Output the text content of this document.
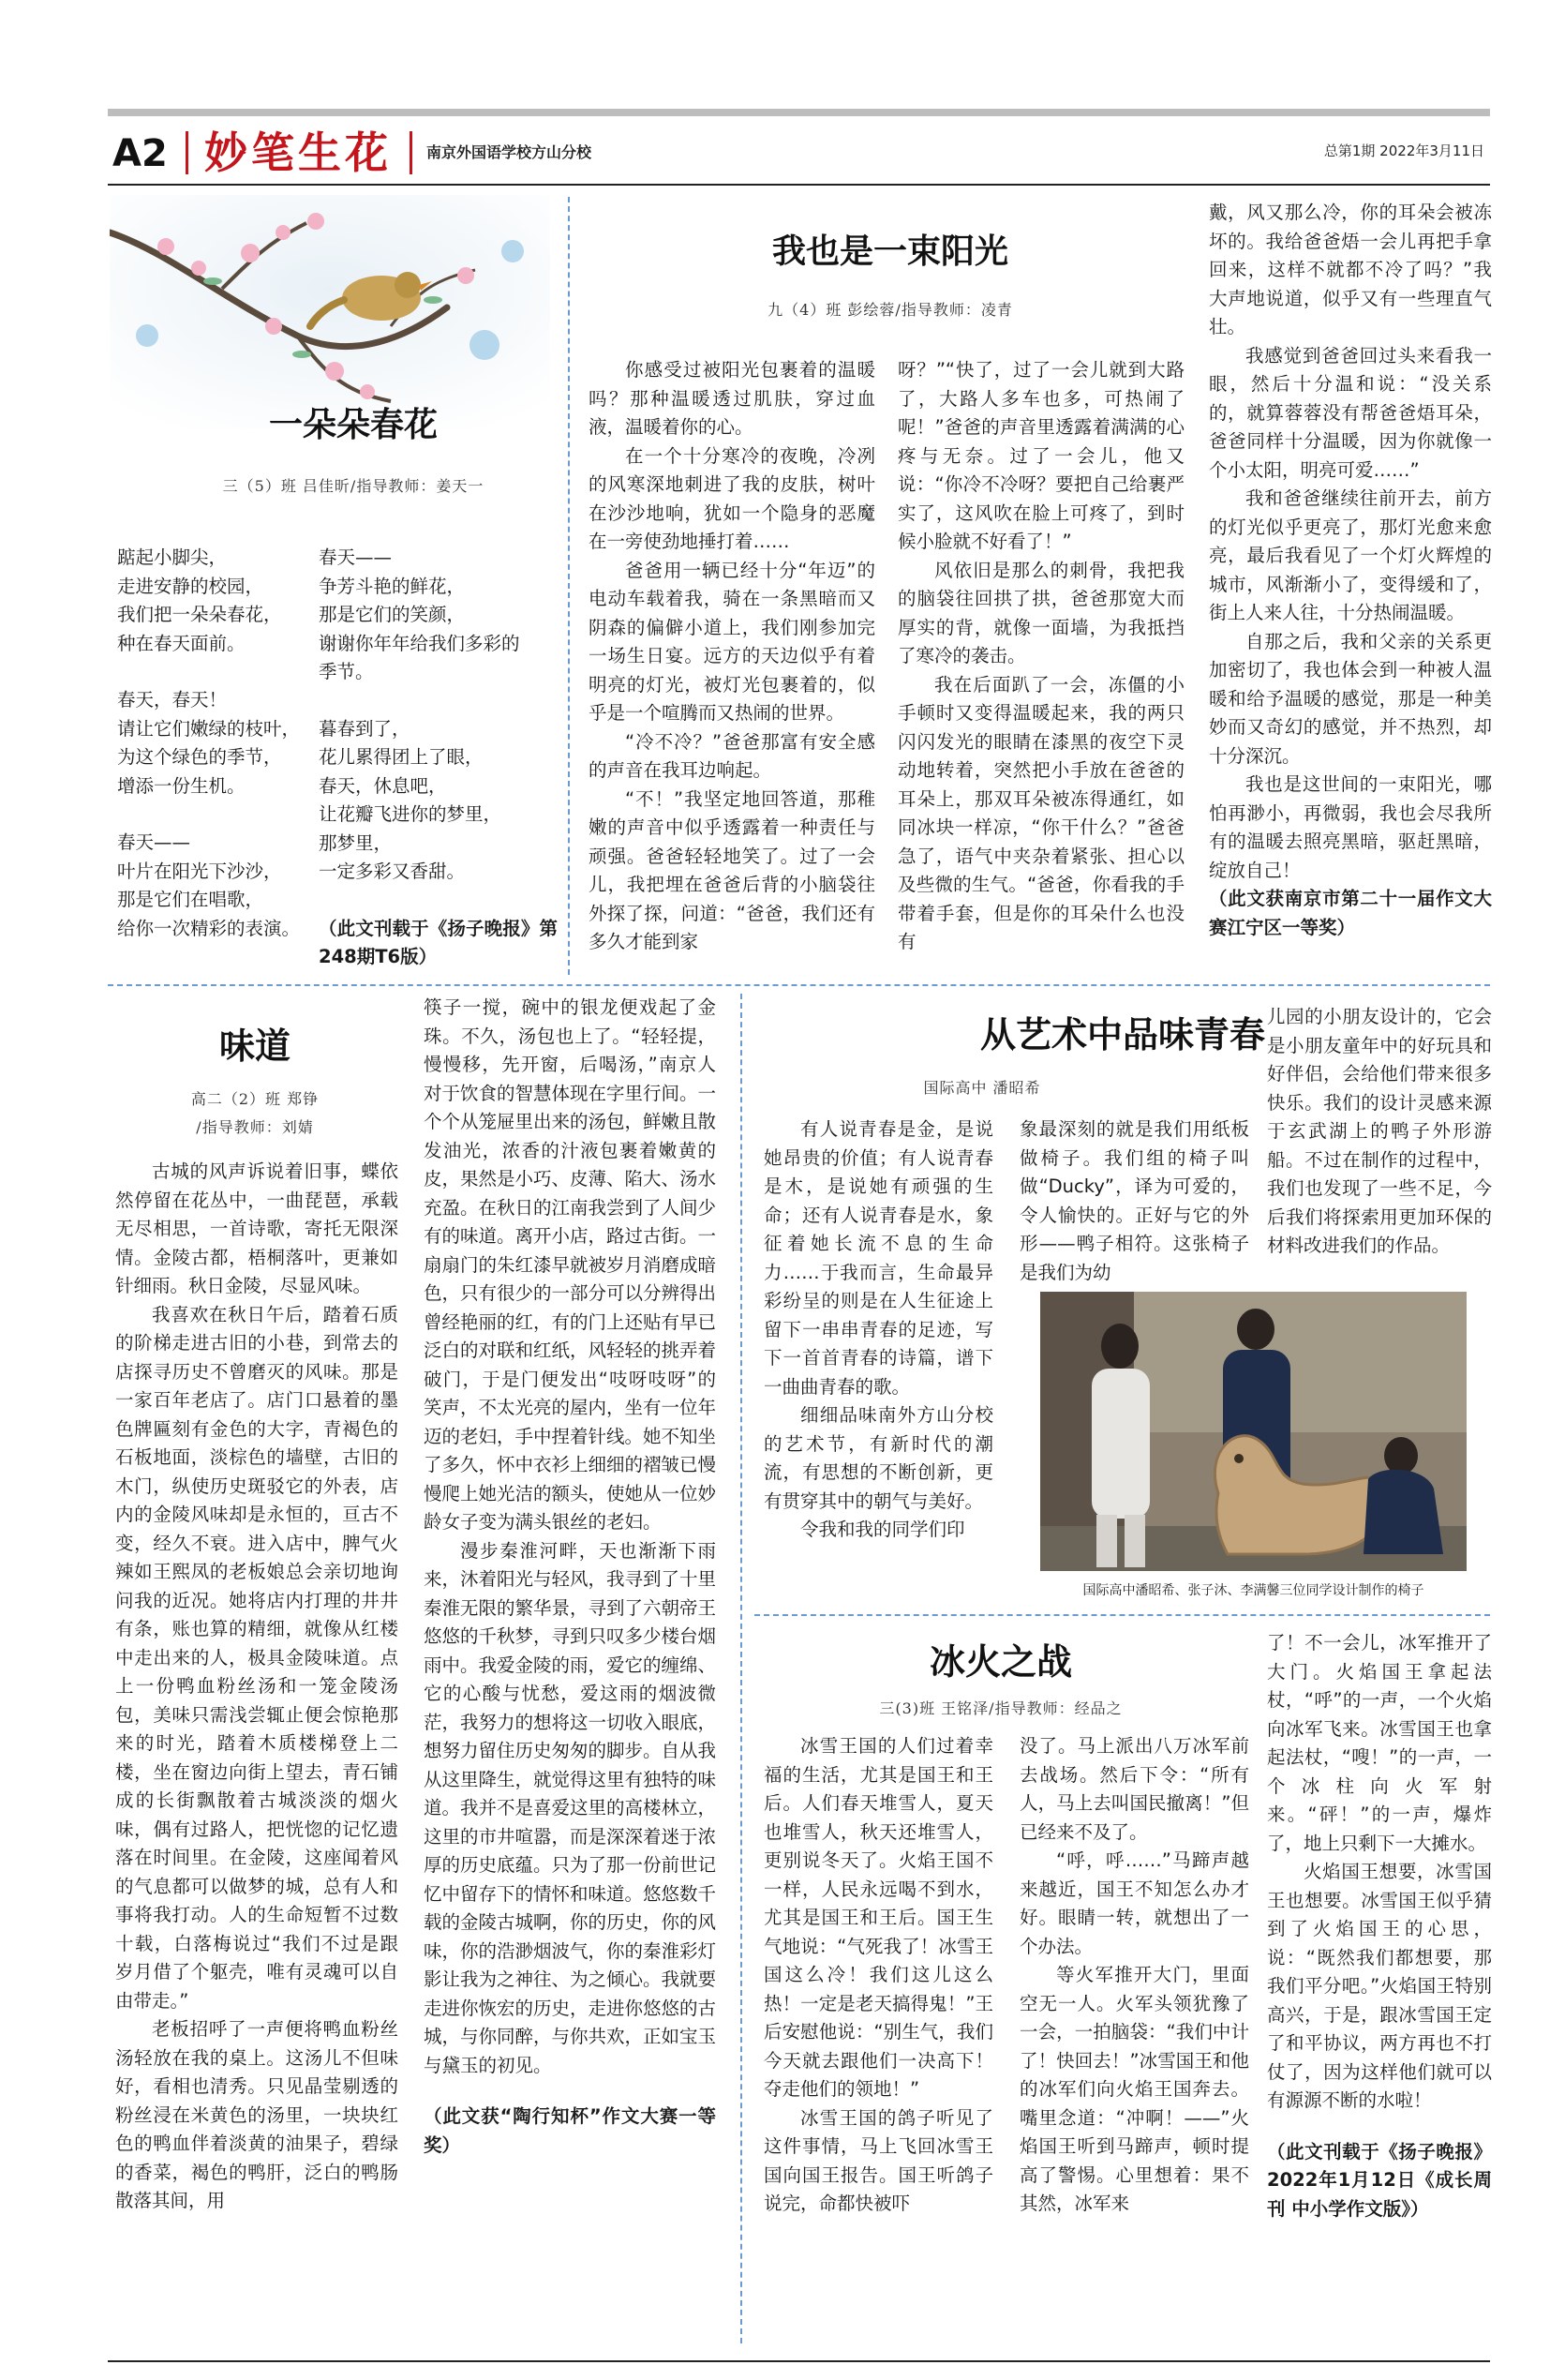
A2 妙笔生花 南京外国语学校方山分校	总第1期 2022年3月11日
一朵朵春花
三（5）班 吕佳昕/指导教师：姜天一
踮起小脚尖，
走进安静的校园，
我们把一朵朵春花，
种在春天面前。
春天，春天！
请让它们嫩绿的枝叶，
为这个绿色的季节，
增添一份生机。
春天——
叶片在阳光下沙沙，
那是它们在唱歌，
给你一次精彩的表演。
春天——
争芳斗艳的鲜花，
那是它们的笑颜，
谢谢你年年给我们多彩的
季节。
暮春到了，
花儿累得团上了眼，
春天，休息吧，
让花瓣飞进你的梦里，
那梦里，
一定多彩又香甜。

（此文刊载于《扬子晚报》第248期T6版）

我也是一束阳光
九（4）班 彭绘蓉/指导教师：凌青

你感受过被阳光包裹着的温暖吗？那种温暖透过肌肤，穿过血液，温暖着你的心。

在一个十分寒冷的夜晚，冷冽的风寒深地刺进了我的皮肤，树叶在沙沙地响，犹如一个隐身的恶魔在一旁使劲地捶打着……

爸爸用一辆已经十分“年迈”的电动车载着我，骑在一条黑暗而又阴森的偏僻小道上，我们刚参加完一场生日宴。远方的天边似乎有着明亮的灯光，被灯光包裹着的，似乎是一个喧腾而又热闹的世界。

“冷不冷？”爸爸那富有安全感的声音在我耳边响起。

“不！”我坚定地回答道，那稚嫩的声音中似乎透露着一种责任与顽强。爸爸轻轻地笑了。过了一会儿，我把埋在爸爸后背的小脑袋往外探了探，问道：“爸爸，我们还有多久才能到家

呀？”“快了，过了一会儿就到大路了，大路人多车也多，可热闹了呢！”爸爸的声音里透露着满满的心疼与无奈。过了一会儿，他又说：“你冷不冷呀？要把自己给裹严实了，这风吹在脸上可疼了，到时候小脸就不好看了！”

风依旧是那么的刺骨，我把我的脑袋往回拱了拱，爸爸那宽大而厚实的背，就像一面墙，为我抵挡了寒冷的袭击。

我在后面趴了一会，冻僵的小手顿时又变得温暖起来，我的两只闪闪发光的眼睛在漆黑的夜空下灵动地转着，突然把小手放在爸爸的耳朵上，那双耳朵被冻得通红，如同冰块一样凉，“你干什么？”爸爸急了，语气中夹杂着紧张、担心以及些微的生气。“爸爸，你看我的手带着手套，但是你的耳朵什么也没有

戴，风又那么冷，你的耳朵会被冻坏的。我给爸爸焐一会儿再把手拿回来，这样不就都不冷了吗？”我大声地说道，似乎又有一些理直气壮。

我感觉到爸爸回过头来看我一眼，然后十分温和说：“没关系的，就算蓉蓉没有帮爸爸焐耳朵，爸爸同样十分温暖，因为你就像一个小太阳，明亮可爱……”

我和爸爸继续往前开去，前方的灯光似乎更亮了，那灯光愈来愈亮，最后我看见了一个灯火辉煌的城市，风渐渐小了，变得缓和了，街上人来人往，十分热闹温暖。

自那之后，我和父亲的关系更加密切了，我也体会到一种被人温暖和给予温暖的感觉，那是一种美妙而又奇幻的感觉，并不热烈，却十分深沉。

我也是这世间的一束阳光，哪怕再渺小，再微弱，我也会尽我所有的温暖去照亮黑暗，驱赶黑暗，绽放自己！

（此文获南京市第二十一届作文大赛江宁区一等奖）

味道
高二（2）班 郑铮
/指导教师：刘婧

古城的风声诉说着旧事，蝶依然停留在花丛中，一曲琵琶，承载无尽相思，一首诗歌，寄托无限深情。金陵古都，梧桐落叶，更兼如针细雨。秋日金陵，尽显风味。

我喜欢在秋日午后，踏着石质的阶梯走进古旧的小巷，到常去的店探寻历史不曾磨灭的风味。那是一家百年老店了。店门口悬着的墨色牌匾刻有金色的大字，青褐色的石板地面，淡棕色的墙壁，古旧的木门，纵使历史斑驳它的外表，店内的金陵风味却是永恒的，亘古不变，经久不衰。进入店中，脾气火辣如王熙凤的老板娘总会亲切地询问我的近况。她将店内打理的井井有条，账也算的精细，就像从红楼中走出来的人，极具金陵味道。点上一份鸭血粉丝汤和一笼金陵汤包，美味只需浅尝辄止便会惊艳那来的时光，踏着木质楼梯登上二楼，坐在窗边向街上望去，青石铺成的长街飘散着古城淡淡的烟火味，偶有过路人，把恍惚的记忆遗落在时间里。在金陵，这座闻着风的气息都可以做梦的城，总有人和事将我打动。人的生命短暂不过数十载，白落梅说过“我们不过是跟岁月借了个躯壳，唯有灵魂可以自由带走。”

老板招呼了一声便将鸭血粉丝汤轻放在我的桌上。这汤儿不但味好，看相也清秀。只见晶莹剔透的粉丝浸在米黄色的汤里，一块块红色的鸭血伴着淡黄的油果子，碧绿的香菜，褐色的鸭肝，泛白的鸭肠散落其间，用

筷子一搅，碗中的银龙便戏起了金珠。不久，汤包也上了。“轻轻提，慢慢移，先开窗，后喝汤，”南京人对于饮食的智慧体现在字里行间。一个个从笼屉里出来的汤包，鲜嫩且散发油光，浓香的汁液包裹着嫩黄的皮，果然是小巧、皮薄、陷大、汤水充盈。在秋日的江南我尝到了人间少有的味道。离开小店，路过古街。一扇扇门的朱红漆早就被岁月消磨成暗色，只有很少的一部分可以分辨得出曾经艳丽的红，有的门上还贴有早已泛白的对联和红纸，风轻轻的挑弄着破门，于是门便发出“吱呀吱呀”的笑声，不太光亮的屋内，坐有一位年迈的老妇，手中捏着针线。她不知坐了多久，怀中衣衫上细细的褶皱已慢慢爬上她光洁的额头，使她从一位妙龄女子变为满头银丝的老妇。

漫步秦淮河畔，天也渐渐下雨来，沐着阳光与轻风，我寻到了十里秦淮无限的繁华景，寻到了六朝帝王悠悠的千秋梦，寻到只叹多少楼台烟雨中。我爱金陵的雨，爱它的缠绵、它的心酸与忧愁，爱这雨的烟波微茫，我努力的想将这一切收入眼底，想努力留住历史匆匆的脚步。自从我从这里降生，就觉得这里有独特的味道。我并不是喜爱这里的高楼林立，这里的市井喧嚣，而是深深着迷于浓厚的历史底蕴。只为了那一份前世记忆中留存下的情怀和味道。悠悠数千载的金陵古城啊，你的历史，你的风味，你的浩渺烟波气，你的秦淮彩灯影让我为之神往、为之倾心。我就要走进你恢宏的历史，走进你悠悠的古城，与你同醉，与你共欢，正如宝玉与黛玉的初见。

（此文获“陶行知杯”作文大赛一等奖）

从艺术中品味青春
国际高中 潘昭希

有人说青春是金，是说她昂贵的价值；有人说青春是木，是说她有顽强的生命；还有人说青春是水，象征着她长流不息的生命力……于我而言，生命最异彩纷呈的则是在人生征途上留下一串串青春的足迹，写下一首首青春的诗篇，谱下一曲曲青春的歌。

细细品味南外方山分校的艺术节，有新时代的潮流，有思想的不断创新，更有贯穿其中的朝气与美好。

令我和我的同学们印

象最深刻的就是我们用纸板做椅子。我们组的椅子叫做“Ducky”，译为可爱的，令人愉快的。正好与它的外形——鸭子相符。这张椅子是我们为幼

儿园的小朋友设计的，它会是小朋友童年中的好玩具和好伴侣，会给他们带来很多快乐。我们的设计灵感来源于玄武湖上的鸭子外形游船。不过在制作的过程中，我们也发现了一些不足，今后我们将探索用更加环保的材料改进我们的作品。

国际高中潘昭希、张子沐、李满馨三位同学设计制作的椅子
冰火之战
三(3)班 王铭泽/指导教师：经品之

冰雪王国的人们过着幸福的生活，尤其是国王和王后。人们春天堆雪人，夏天也堆雪人，秋天还堆雪人，更别说冬天了。火焰王国不一样，人民永远喝不到水，尤其是国王和王后。国王生气地说：“气死我了！冰雪王国这么冷！我们这儿这么热！一定是老天搞得鬼！”王后安慰他说：“别生气，我们今天就去跟他们一决高下！夺走他们的领地！”

冰雪王国的鸽子听见了这件事情，马上飞回冰雪王国向国王报告。国王听鸽子说完，命都快被吓

没了。马上派出八万冰军前去战场。然后下令：“所有人，马上去叫国民撤离！”但已经来不及了。

“呼，呼……”马蹄声越来越近，国王不知怎么办才好。眼睛一转，就想出了一个办法。

等火军推开大门，里面空无一人。火军头领犹豫了一会，一拍脑袋：“我们中计了！快回去！”冰雪国王和他的冰军们向火焰王国奔去。嘴里念道：“冲啊！——”火焰国王听到马蹄声，顿时提高了警惕。心里想着：果不其然，冰军来

了！不一会儿，冰军推开了大门。火焰国王拿起法杖，“呼”的一声，一个火焰向冰军飞来。冰雪国王也拿起法杖，“嗖！”的一声，一个冰柱向火军射来。“砰！”的一声，爆炸了，地上只剩下一大摊水。

火焰国王想要，冰雪国王也想要。冰雪国王似乎猜到了火焰国王的心思，说：“既然我们都想要，那我们平分吧。”火焰国王特别高兴，于是，跟冰雪国王定了和平协议，两方再也不打仗了，因为这样他们就可以有源源不断的水啦！

（此文刊载于《扬子晚报》2022年1月12日《成长周刊 中小学作文版》）
